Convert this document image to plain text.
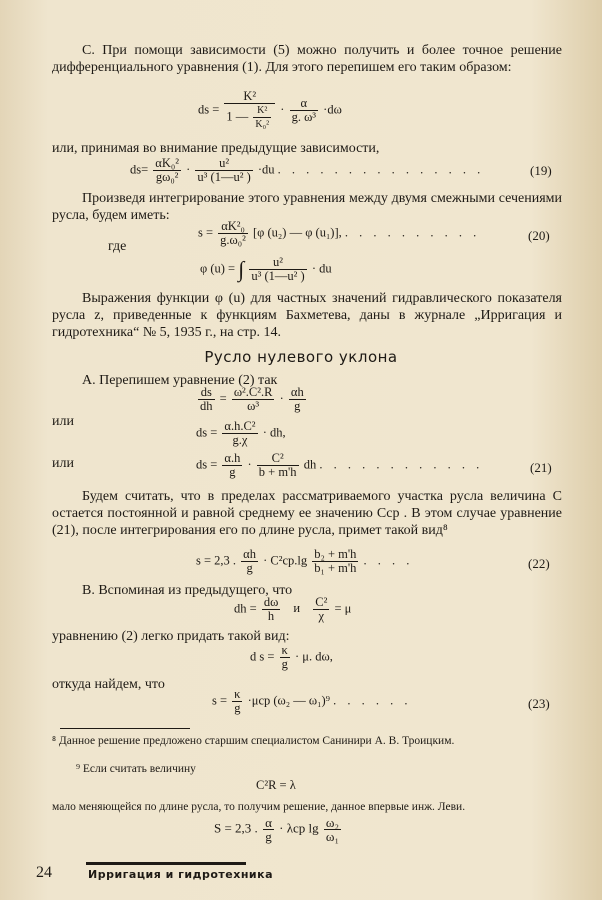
С. При помощи зависимости (5) можно получить и более точное решение дифференциального уравнения (1). Для этого перепишем его таким образом:
ds = $\frac{\text{K²}}{1 — \frac{\text{K²}}{\text{K₀²}}} \cdot \frac{\alpha}{\text{g. ω³}} \cdot d\omega$
или, принимая во внимание предыдущие зависимости,
$ds= \frac{\text{αK₀²}}{\text{gω₀²}} \cdot \frac{\text{u²}}{\text{u³ (1—u² )}} \cdot du$ . . . . . . . . . . . . . . .	(19)
Произведя интегрирование этого уравнения между двумя смежными сечениями русла, будем иметь:
$s = \frac{\text{αK²₀}}{\text{g.ω₀²}} [\varphi$ (u₂) — φ (u₁)], . . . . . . . . . .	(20)
где
φ (u) = ∫ $\frac{\text{u²}}{\text{u³ (1—u² )}}$ · du
Выражения функции φ (u) для частных значений гидравлического показателя русла z, приведенные к функциям Бахметева, даны в журнале „Ирригация и гидротехника“ № 5, 1935 г., на стр. 14.
Русло нулевого уклона
А. Перепишем уравнение (2) так
$\frac{ds}{dh} = \frac{\text{ω².C².R}}{\text{ω³}} \cdot \frac{\alpha h}{g}$
или
ds = $\frac{\text{α.h.C²}}{g.\chi}$ · dh,
или	ds = $\frac{\alpha.h}{g} \cdot \frac{\text{C²}}{b + m'h}$ dh . . . . . . . . . . . .	(21)
Будем считать, что в пределах рассматриваемого участка русла величина С остается постоянной и равной среднему ее значению Cср . В этом случае уравнение (21), после интегрирования его по длине русла, примет такой вид⁸
s = 2,3 . $\frac{\alpha h}{g} \cdot C^2ср.\lg \frac{\text{b₂ + m'h}}{\text{b₁ + m'h}}$ . . . .	(22)
В. Вспоминая из предыдущего, что
dh = $\frac{d\omega}{h}$ и $\frac{\text{C²}}{\chi} = \mu$
уравнению (2) легко придать такой вид:
d $s = \frac{\kappa}{g} \cdot \mu$. dω,
откуда найдем, что
$s = \frac{\kappa}{g} \cdot\mu ср$ (ω₂ — ω₁)⁹ . . . . . .	(23)
⁸ Данное решение предложено старшим специалистом Санинири А. В. Троицким.
⁹ Если считать величину
C²R = λ
мало меняющейся по длине русла, то получим решение, данное впервые инж. Леви.
S = 2,3 . $\frac{\alpha}{g} \cdot \lambda ср$ $\lg \frac{\text{ω₂}}{\text{ω₁}}$
24	Ирригация и гидротехника
